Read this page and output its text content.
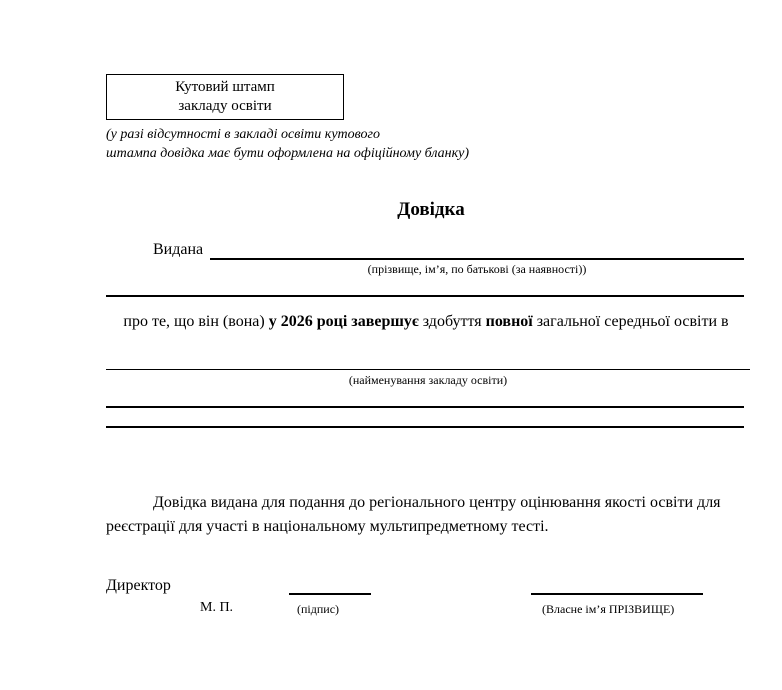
Кутовий штамп
закладу освіти
(у разі відсутності в закладі освіти кутового
штампа довідка має бути оформлена на офіційному бланку)
Довідка
Видана
(прізвище, ім’я, по батькові (за наявності))
про те, що він (вона) у 2026 році завершує здобуття повної загальної середньої освіти в
(найменування закладу освіти)
Довідка видана для подання до регіонального центру оцінювання якості освіти для реєстрації для участі в національному мультипредметному тесті.
Директор
М. П.	(підпис)	(Власне ім’я ПРІЗВИЩЕ)
